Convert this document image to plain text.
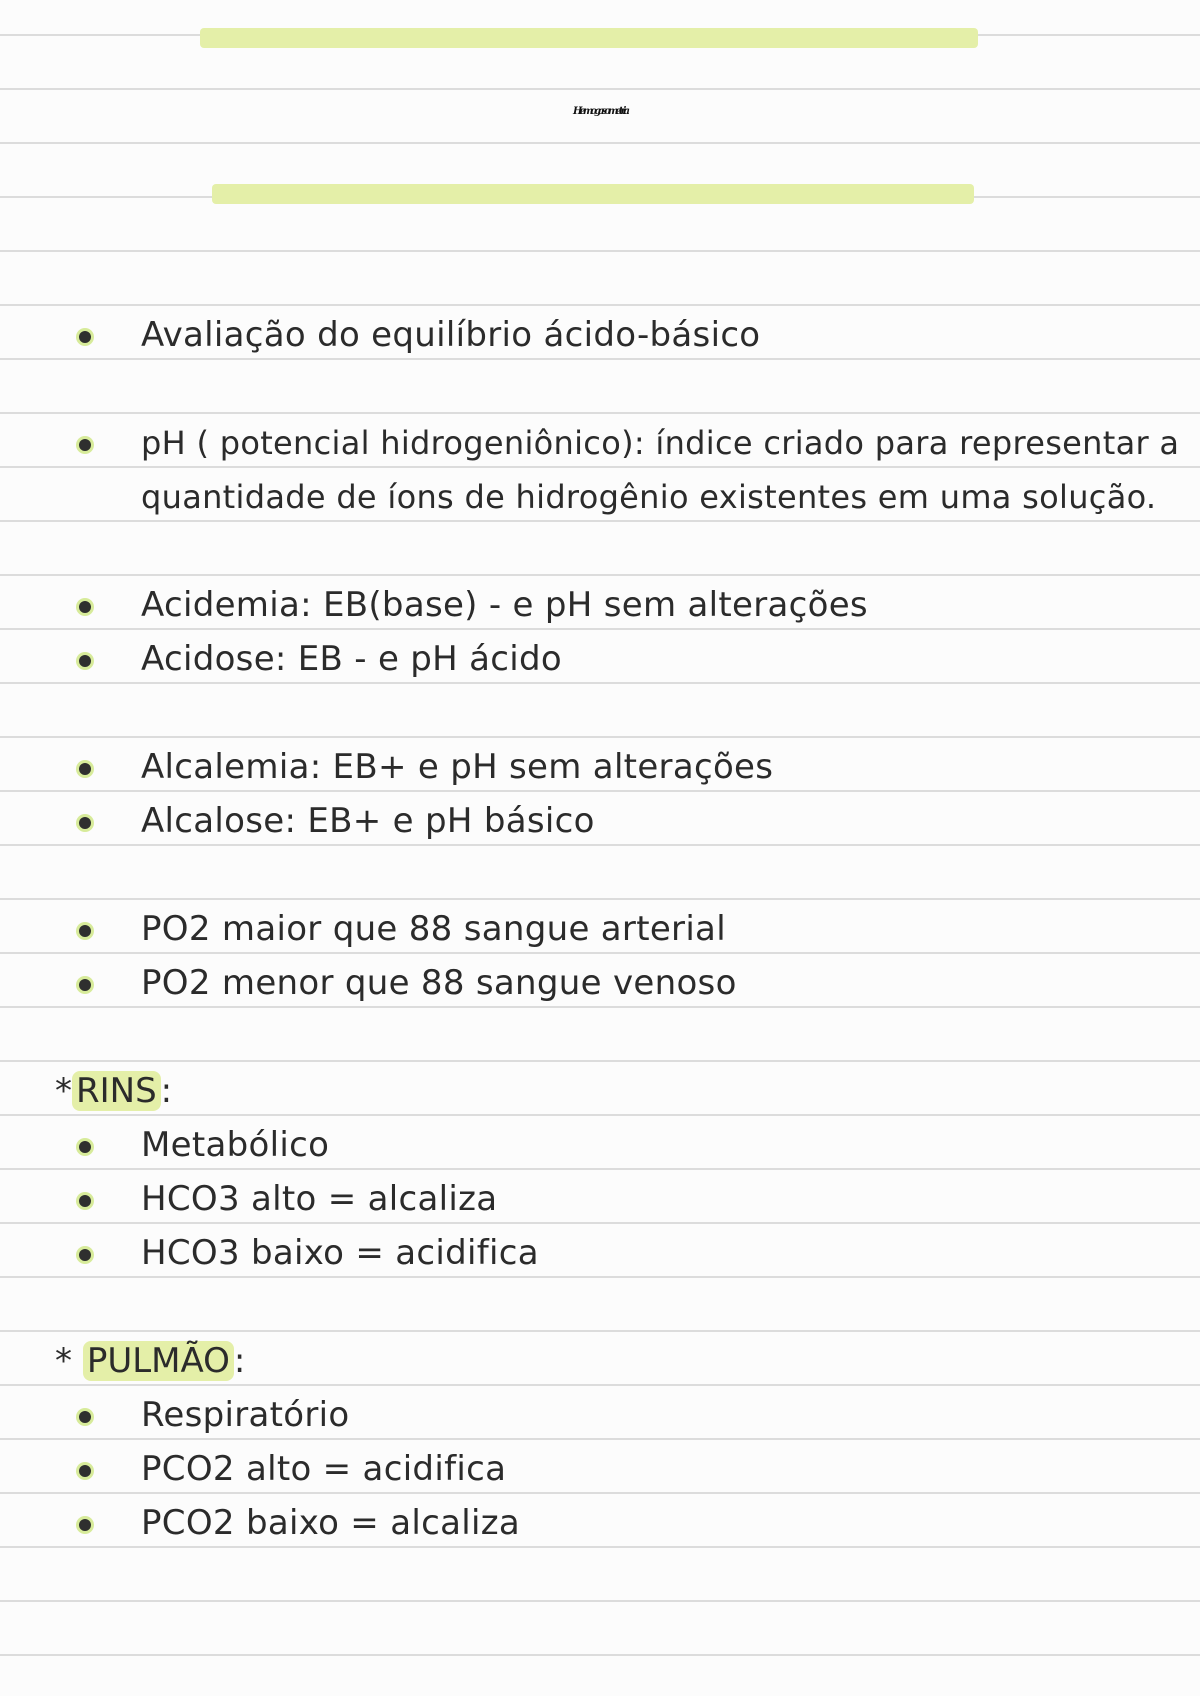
Hemogasometria
Avaliação do equilíbrio ácido-básico
pH ( potencial hidrogeniônico): índice criado para representar a
quantidade de íons de hidrogênio existentes em uma solução.
Acidemia: EB(base) - e pH sem alterações
Acidose: EB - e pH ácido
Alcalemia: EB+ e pH sem alterações
Alcalose: EB+ e pH básico
PO2 maior que 88 sangue arterial
PO2 menor que 88 sangue venoso
* RINS :
Metabólico
HCO3 alto = alcaliza
HCO3 baixo = acidifica
* PULMÃO :
Respiratório
PCO2 alto = acidifica
PCO2 baixo = alcaliza
